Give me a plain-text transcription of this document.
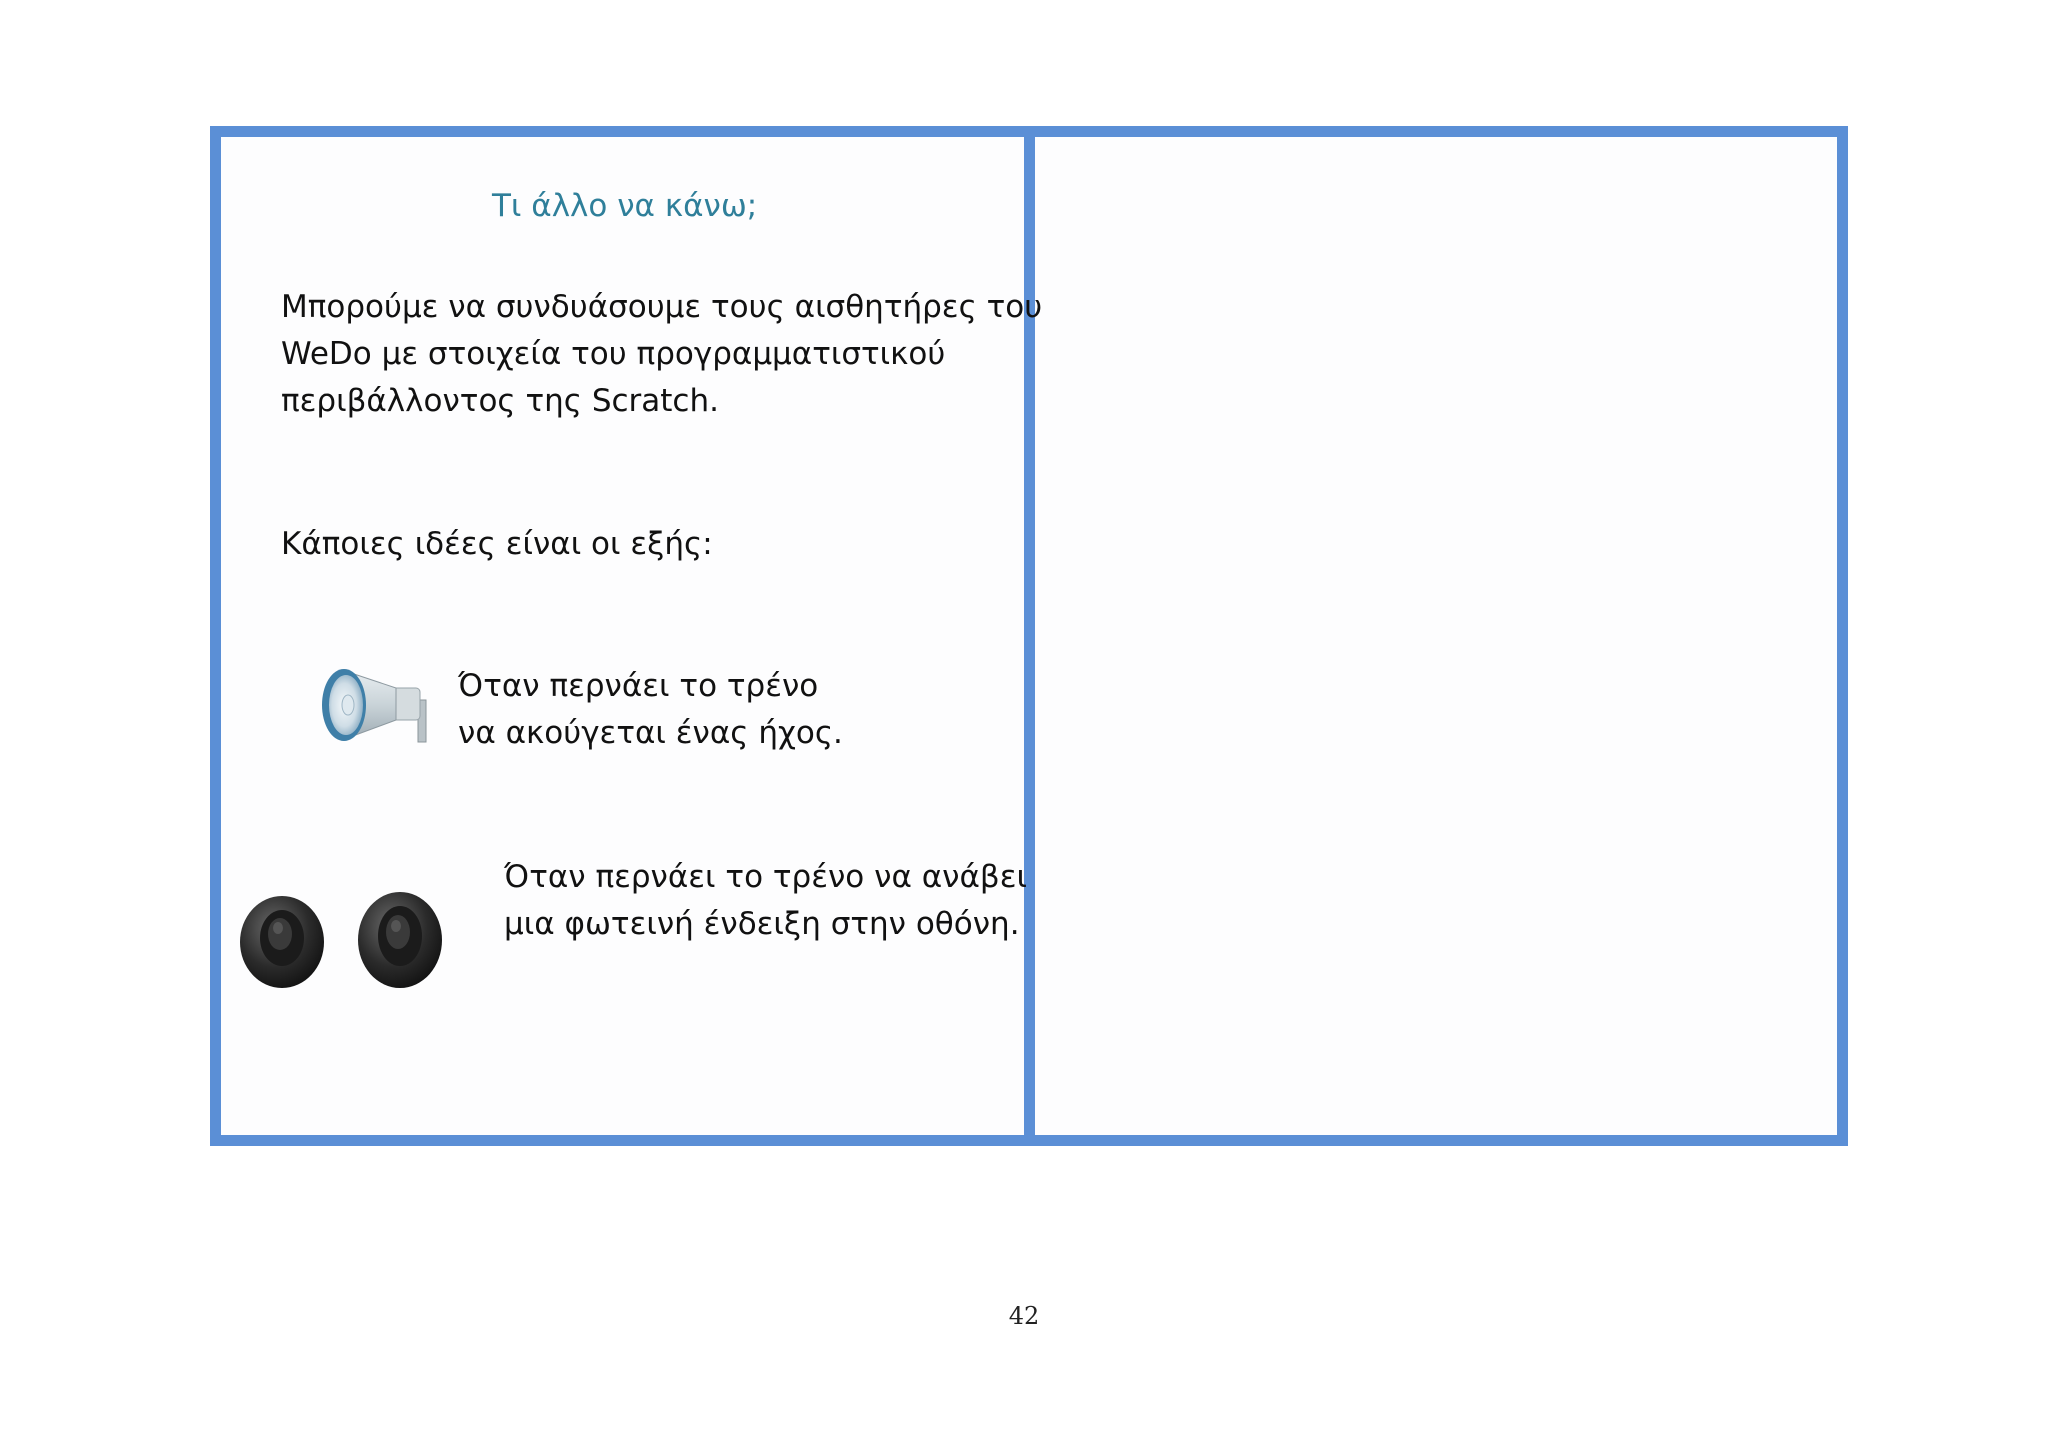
Τι άλλο να κάνω;
Μπορούμε να συνδυάσουμε τους αισθητήρες του
WeDo με στοιχεία του προγραμματιστικού
περιβάλλοντος της Scratch.
Κάποιες ιδέες είναι οι εξής:
Όταν περνάει το τρένο
να ακούγεται ένας ήχος.
Όταν περνάει το τρένο να ανάβει
μια φωτεινή ένδειξη στην οθόνη.
42
